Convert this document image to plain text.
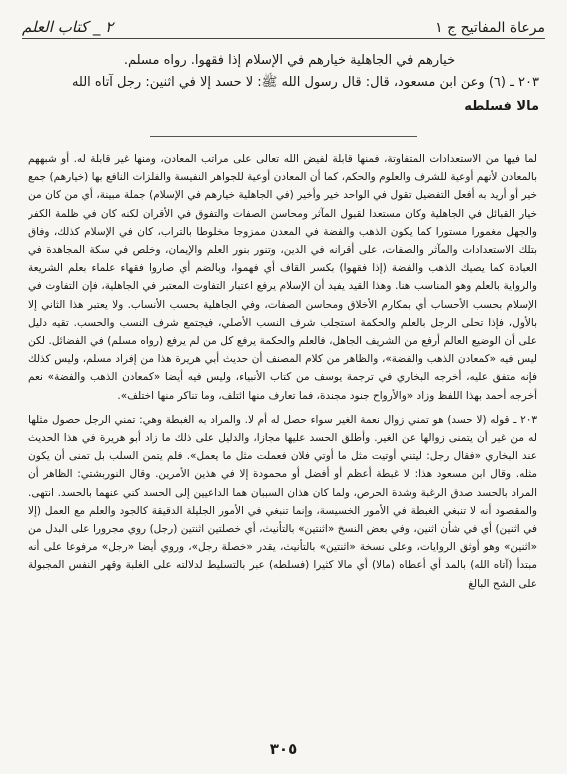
مرعاة المفاتيح ج ١
٢ _ كتاب العلم
خيارهم في الجاهلية خيارهم في الإسلام إذا فقهوا. رواه مسلم.
٢٠٣ ـ (٦) وعن ابن مسعود، قال: قال رسول الله ﷺ: لا حسد إلا في اثنين: رجل آتاه الله
مالا فسلطه

لما فيها من الاستعدادات المتفاوتة، فمنها قابلة لفيض الله تعالى على مراتب المعادن، ومنها غير قابلة له. أو شبههم بالمعادن لأنهم أوعية للشرف والعلوم والحكم، كما أن المعادن أوعية للجواهر النفيسة والفلزات النافع بها (خيارهم) جمع خير أو أريد به أفعل التفضيل تقول في الواحد خير وأخير (في الجاهلية خيارهم في الإسلام) جملة مبينة، أي من كان من خيار القبائل في الجاهلية وكان مستعدا لقبول المآثر ومحاسن الصفات والتفوق في الأقران لكنه كان في ظلمة الكفر والجهل مغمورا مستورا كما يكون الذهب والفضة في المعدن ممزوجا مخلوطا بالتراب، كان في الإسلام كذلك، وفاق بتلك الاستعدادات والمآثر والصفات، على أقرانه في الدين، وتنور بنور العلم والإيمان، وخلص في سكة المجاهدة في العبادة كما يصيك الذهب والفضة (إذا فقهوا) بكسر القاف أي فهموا، وبالضم أي صاروا فقهاء علماء بعلم الشريعة والرواية بالعلم وهو المناسب هنا. وهذا القيد يفيد أن الإسلام يرفع اعتبار التفاوت المعتبر في الجاهلية، فإن التفاوت في الإسلام بحسب الأحساب أي بمكارم الأخلاق ومحاسن الصفات، وفي الجاهلية بحسب الأنساب. ولا يعتبر هذا الثاني إلا بالأول، فإذا تحلى الرجل بالعلم والحكمة استجلب شرف النسب الأصلي، فيجتمع شرف النسب والحسب. تقيه دليل على أن الوضيع العالم أرفع من الشريف الجاهل، فالعلم والحكمة يرفع كل من لم يرفع (رواه مسلم) في الفضائل. لكن ليس فيه «كمعادن الذهب والفضة»، والظاهر من كلام المصنف أن حديث أبي هريرة هذا من إفراد مسلم، وليس كذلك فإنه متفق عليه، أخرجه البخاري في ترجمة يوسف من كتاب الأنبياء، وليس فيه أيضا «كمعادن الذهب والفضة» نعم أخرجه أحمد بهذا اللفظ وزاد «والأرواح جنود مجندة، فما تعارف منها ائتلف، وما تناكر منها اختلف».

٢٠٣ ـ قوله (لا حسد) هو تمني زوال نعمة الغير سواء حصل له أم لا. والمراد به الغبطة وهي: تمني الرجل حصول مثلها له من غير أن يتمنى زوالها عن الغير. وأطلق الحسد عليها مجازا، والدليل على ذلك ما زاد أبو هريرة في هذا الحديث عند البخاري «فقال رجل: ليتني أوتيت مثل ما أوتي فلان فعملت مثل ما يعمل». فلم يتمن السلب بل تمنى أن يكون مثله. وقال ابن مسعود هذا: لا غبطة أعظم أو أفضل أو محمودة إلا في هذين الأمرين. وقال النوربشتي: الظاهر أن المراد بالحسد صدق الرغبة وشدة الحرص، ولما كان هذان السببان هما الداعيين إلى الحسد كني عنهما بالحسد. انتهى. والمقصود أنه لا تنبغي الغبطة في الأمور الخسيسة، وإنما تنبغي في الأمور الجليلة الدقيقة كالجود والعلم مع العمل (إلا في اثنين) أي في شأن اثنين، وفي بعض النسخ «اثنتين» بالتأنيث، أي خصلتين اثنتين (رجل) روي مجرورا على البدل من «اثنين» وهو أوثق الروايات، وعلى نسخة «اثنتين» بالتأنيث، يقدر «خصلة رجل»، وروي أيضا «رجل» مرفوعا على أنه مبتدأ (آتاه الله) بالمد أي أعطاه (مالا) أي مالا كثيرا (فسلطه) عبر بالتسليط لدلالته على الغلبة وقهر النفس المجبولة على الشح البالغ

٣٠٥
